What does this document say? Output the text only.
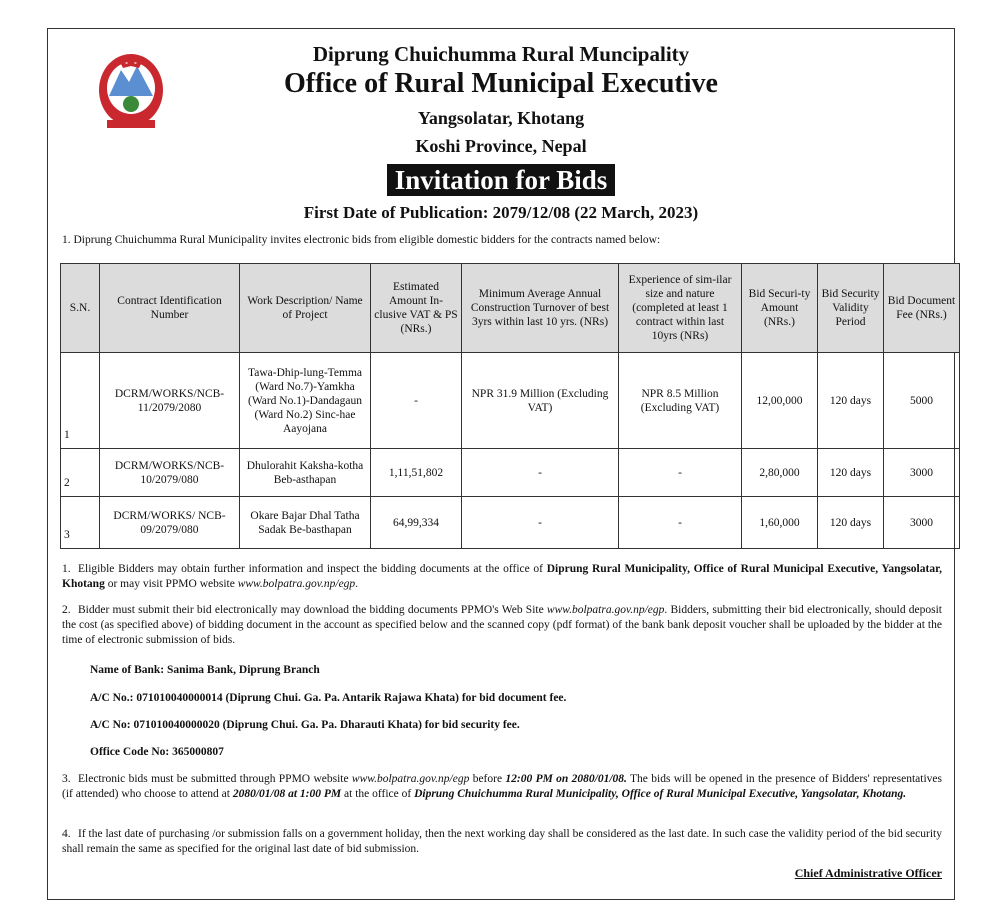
Diprung Chuichumma Rural Muncipality
Office of Rural Municipal Executive
Yangsolatar, Khotang
Koshi Province, Nepal
Invitation for Bids
First Date of Publication: 2079/12/08 (22 March, 2023)
1. Diprung Chuichumma Rural Municipality invites electronic bids from eligible domestic bidders for the contracts named below:
S.N.	Contract Identification Number	Work Description/ Name of Project	Estimated Amount In-clusive VAT & PS (NRs.)	Minimum Average Annual Construction Turnover of best 3yrs within last 10 yrs. (NRs)	Experience of sim-ilar size and nature (completed at least 1 contract within last 10yrs (NRs)	Bid Securi-ty Amount (NRs.)	Bid Security Validity Period	Bid Document Fee (NRs.)
1	DCRM/WORKS/NCB-11/2079/2080	Tawa-Dhip-lung-Temma (Ward No.7)-Yamkha (Ward No.1)-Dandagaun (Ward No.2) Sinc-hae Aayojana	-	NPR 31.9 Million (Excluding VAT)	NPR 8.5 Million (Excluding VAT)	12,00,000	120 days	5000
2	DCRM/WORKS/NCB-10/2079/080	Dhulorahit Kaksha-kotha Beb-asthapan	1,11,51,802	-	-	2,80,000	120 days	3000
3	DCRM/WORKS/ NCB-09/2079/080	Okare Bajar Dhal Tatha Sadak Be-basthapan	64,99,334	-	-	1,60,000	120 days	3000

1. Eligible Bidders may obtain further information and inspect the bidding documents at the office of Diprung Rural Municipality, Office of Rural Municipal Executive, Yangsolatar, Khotang or may visit PPMO website www.bolpatra.gov.np/egp.

2. Bidder must submit their bid electronically may download the bidding documents PPMO's Web Site www.bolpatra.gov.np/egp. Bidders, submitting their bid electronically, should deposit the cost (as specified above) of bidding document in the account as specified below and the scanned copy (pdf format) of the bank bank deposit voucher shall be uploaded by the bidder at the time of electronic submission of bids.

Name of Bank: Sanima Bank, Diprung Branch
A/C No.: 071010040000014 (Diprung Chui. Ga. Pa. Antarik Rajawa Khata) for bid document fee.
A/C No: 071010040000020 (Diprung Chui. Ga. Pa. Dharauti Khata) for bid security fee.
Office Code No: 365000807

3. Electronic bids must be submitted through PPMO website www.bolpatra.gov.np/egp before 12:00 PM on 2080/01/08. The bids will be opened in the presence of Bidders' representatives (if attended) who choose to attend at 2080/01/08 at 1:00 PM at the office of Diprung Chuichumma Rural Municipality, Office of Rural Municipal Executive, Yangsolatar, Khotang.

4. If the last date of purchasing /or submission falls on a government holiday, then the next working day shall be considered as the last date. In such case the validity period of the bid security shall remain the same as specified for the original last date of bid submission.

Chief Administrative Officer
